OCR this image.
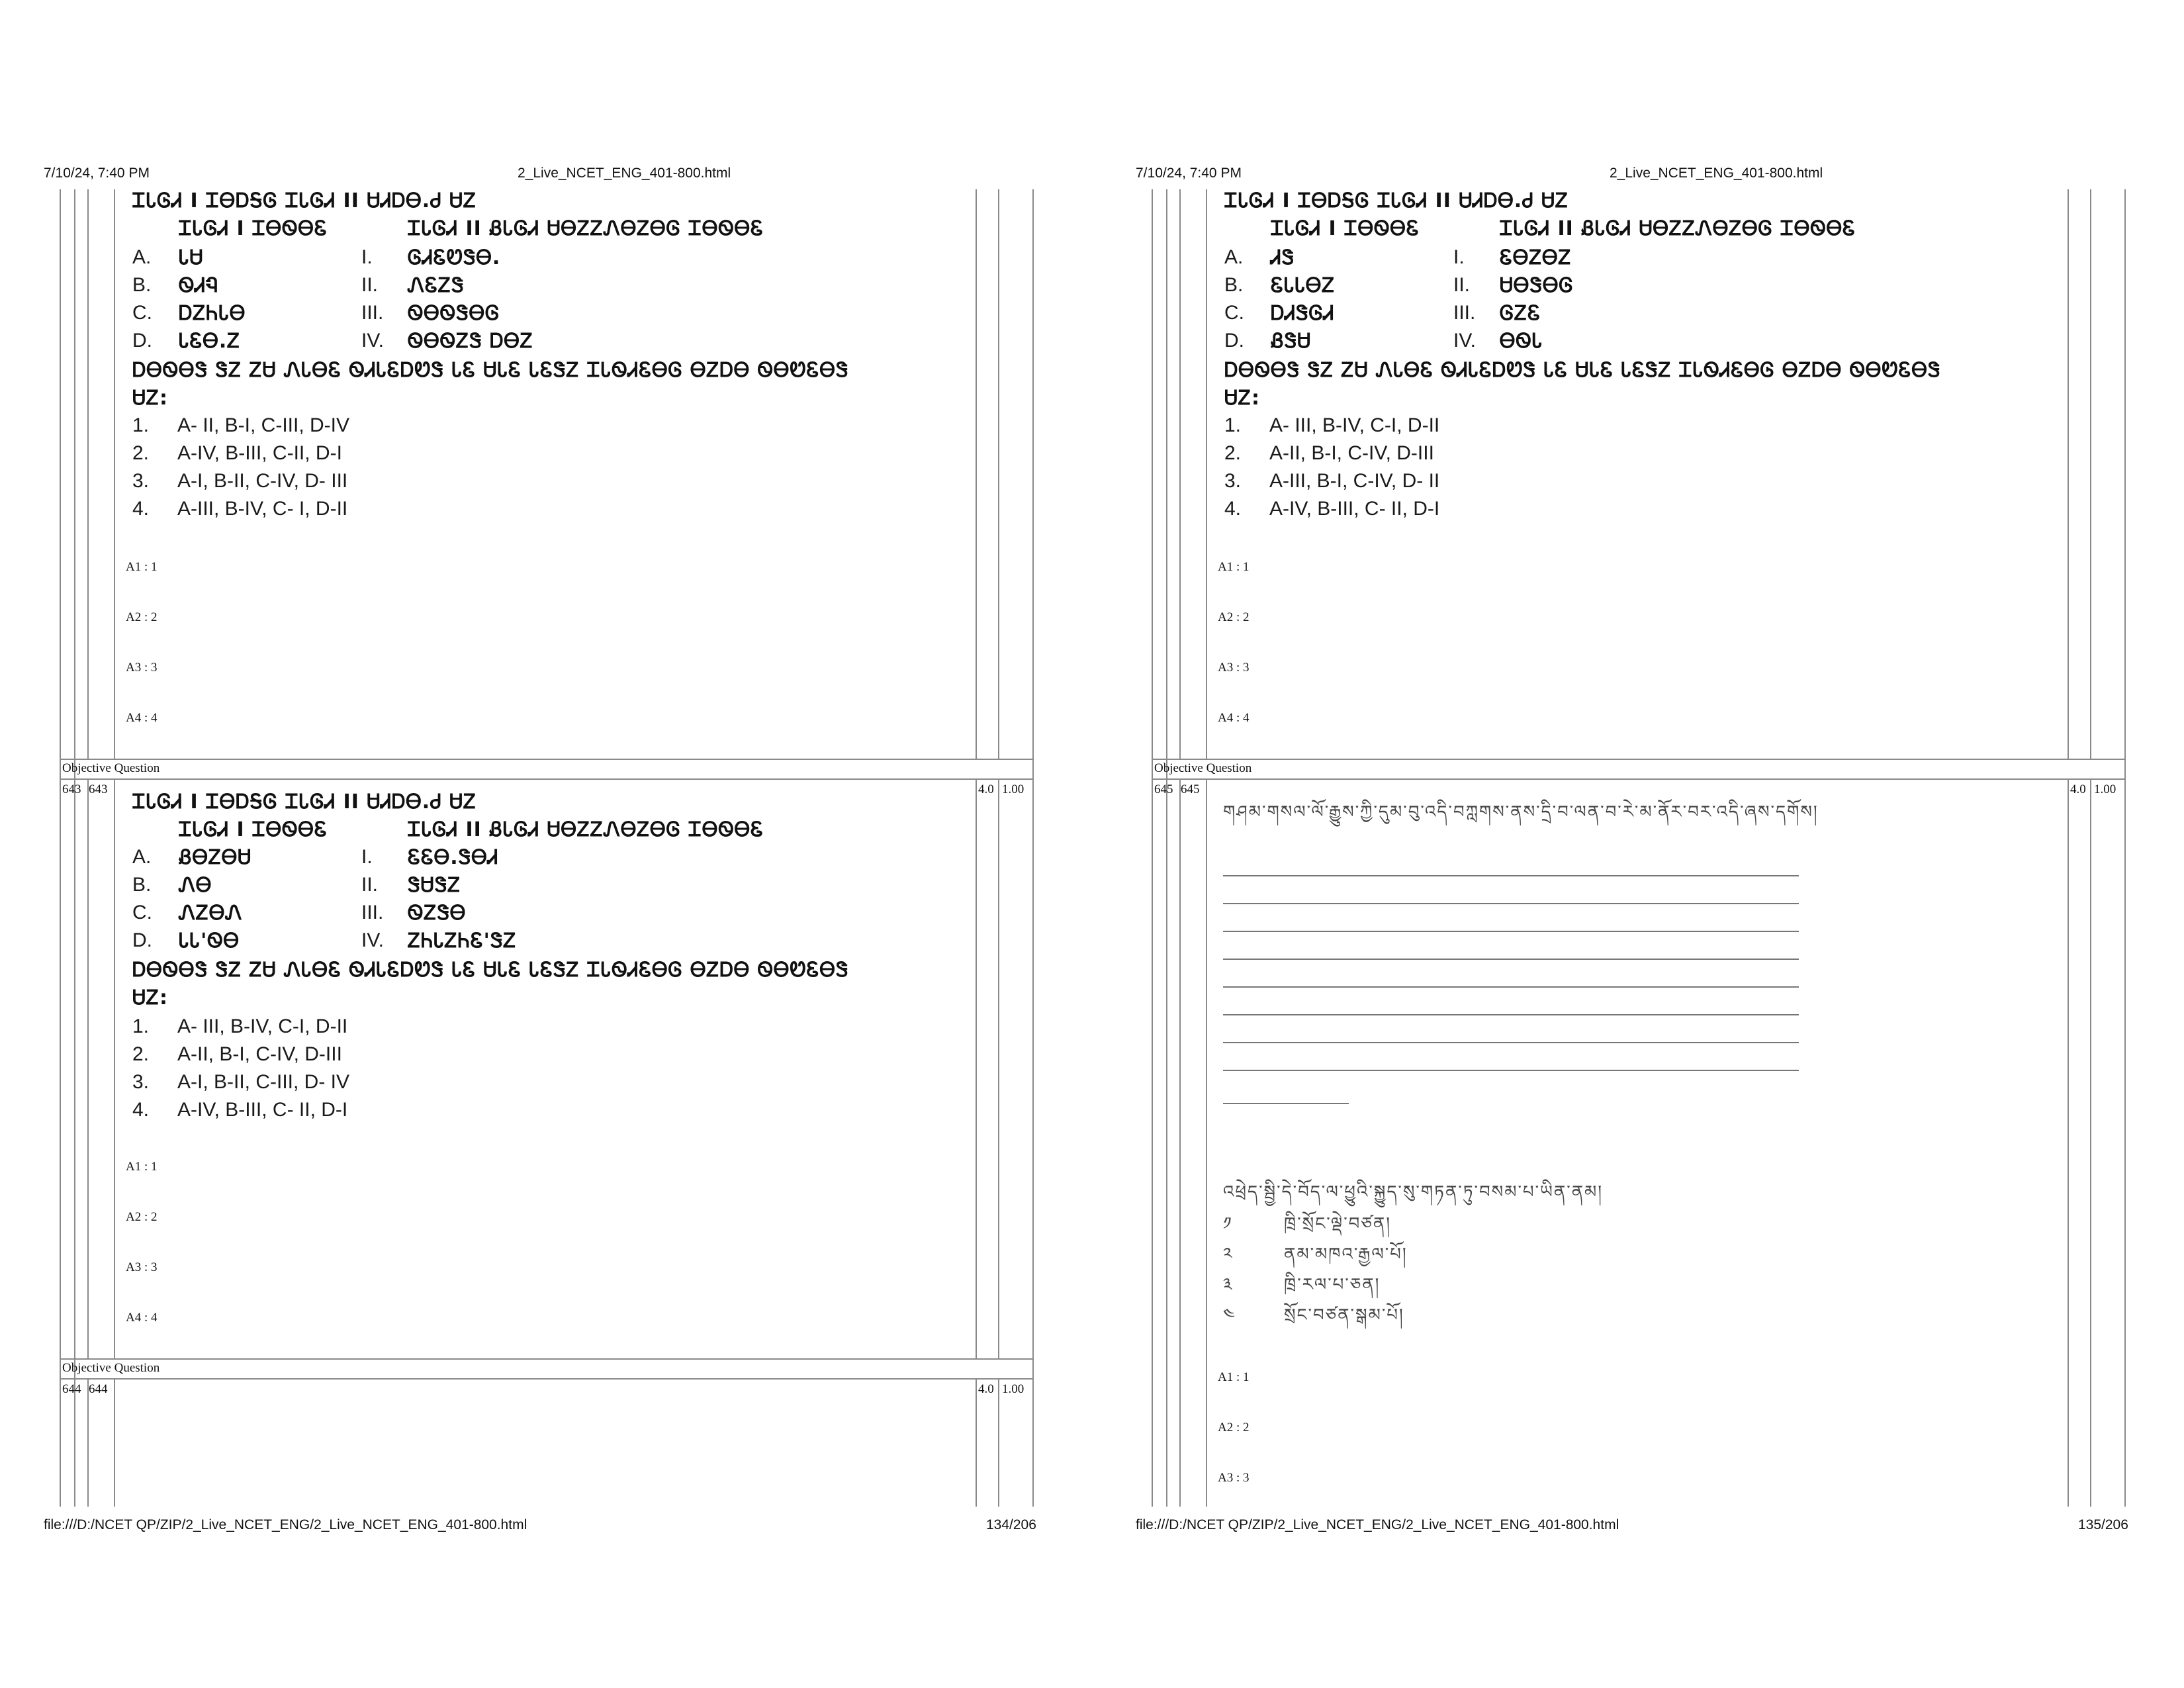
7/10/24, 7:40 PM	2_Live_NCET_ENG_401-800.html
ᏆᏓᎶᏗ I ᏆᎾᎠᎦᎶ ᏆᏓᎶᏗ II ᏌᏗᎠᎾ.Ꮷ ᏌᏃ
ᏆᏓᎶᏗ I ᏆᎾᏫᎾᏋ	ᏆᏓᎶᏗ II ᏰᏓᎶᏗ ᏌᎾᏃᏃᏁᎾᏃᎾᎶ ᏆᎾᏫᎾᏋ
A. ᏓᏌ	I. ᎶᏗᏋᏬᏕᎾ.
B. ᏫᏗᏄ	II. ᏁᏋᏃᏕ
C. ᎠᏃᏂᏓᎾ	III. ᏫᎾᏫᏕᎾᎶ
D. ᏓᏋᎾ.Ꮓ	IV. ᏫᎾᏫᏃᏕ ᎠᎾᏃ
ᎠᎾᏫᎾᏕ ᏕᏃ ᏃᏌ ᏁᏓᎾᏋ ᏫᏗᏓᏋᎠᏬᏕ ᏓᏋ ᏌᏓᏋ ᏓᏋᏕᏃ ᏆᏓᏫᏗᏋᎾᎶ ᎾᏃᎠᎾ ᏫᎾᏬᏋᎾᏕ
ᏌᏃ:
1. A- II, B-I, C-III, D-IV
2. A-IV, B-III, C-II, D-I
3. A-I, B-II, C-IV, D- III
4. A-III, B-IV, C- I, D-II
A1 : 1
A2 : 2
A3 : 3
A4 : 4
Objective Question
643 643	4.0 1.00
ᏆᏓᎶᏗ I ᏆᎾᎠᎦᎶ ᏆᏓᎶᏗ II ᏌᏗᎠᎾ.Ꮷ ᏌᏃ
ᏆᏓᎶᏗ I ᏆᎾᏫᎾᏋ	ᏆᏓᎶᏗ II ᏰᏓᎶᏗ ᏌᎾᏃᏃᏁᎾᏃᎾᎶ ᏆᎾᏫᎾᏋ
A. ᏰᎾᏃᎾᏌ	I. ᏋᏋᎾ.ᏕᎾᏗ
B. ᏁᎾ	II. ᏕᏌᏕᏃ
C. ᏁᏃᎾᏁ	III. ᏫᏃᏕᎾ
D. ᏓᏓ'ᏫᎾ	IV. ᏃᏂᏓᏃᏂᏋ'ᏕᏃ
ᎠᎾᏫᎾᏕ ᏕᏃ ᏃᏌ ᏁᏓᎾᏋ ᏫᏗᏓᏋᎠᏬᏕ ᏓᏋ ᏌᏓᏋ ᏓᏋᏕᏃ ᏆᏓᏫᏗᏋᎾᎶ ᎾᏃᎠᎾ ᏫᎾᏬᏋᎾᏕ
ᏌᏃ:
1. A- III, B-IV, C-I, D-II
2. A-II, B-I, C-IV, D-III
3. A-I, B-II, C-III, D- IV
4. A-IV, B-III, C- II, D-I
A1 : 1
A2 : 2
A3 : 3
A4 : 4
Objective Question
644 644	4.0 1.00
file:///D:/NCET QP/ZIP/2_Live_NCET_ENG/2_Live_NCET_ENG_401-800.html	134/206
7/10/24, 7:40 PM	2_Live_NCET_ENG_401-800.html
ᏆᏓᎶᏗ I ᏆᎾᎠᎦᎶ ᏆᏓᎶᏗ II ᏌᏗᎠᎾ.Ꮷ ᏌᏃ
ᏆᏓᎶᏗ I ᏆᎾᏫᎾᏋ	ᏆᏓᎶᏗ II ᏰᏓᎶᏗ ᏌᎾᏃᏃᏁᎾᏃᎾᎶ ᏆᎾᏫᎾᏋ
A. ᏗᏕ	I. ᏋᎾᏃᎾᏃ
B. ᏋᏓᏓᎾᏃ	II. ᏌᎾᏕᎾᎶ
C. ᎠᏗᏕᎶᏗ	III. ᎶᏃᏋ
D. ᏰᏕᏌ	IV. ᎾᏫᏓ
ᎠᎾᏫᎾᏕ ᏕᏃ ᏃᏌ ᏁᏓᎾᏋ ᏫᏗᏓᏋᎠᏬᏕ ᏓᏋ ᏌᏓᏋ ᏓᏋᏕᏃ ᏆᏓᏫᏗᏋᎾᎶ ᎾᏃᎠᎾ ᏫᎾᏬᏋᎾᏕ
ᏌᏃ:
1. A- III, B-IV, C-I, D-II
2. A-II, B-I, C-IV, D-III
3. A-III, B-I, C-IV, D- II
4. A-IV, B-III, C- II, D-I
A1 : 1
A2 : 2
A3 : 3
A4 : 4
Objective Question
645 645	4.0 1.00
གཤམ་གསལ་ལོ་རྒྱུས་ཀྱི་དུམ་བུ་འདི་བཀླགས་ནས་དྲི་བ་ལན་བ་རེ་མ་ནོར་བར་འདི་ཞས་དགོས།

འཕྲེད་སྦྱི་དེ་བོད་ལ་ཕྱུའི་སྐྱུད་སུ་གཏན་ཏུ་བསམ་པ་ཡིན་ནམ།
༡	ཁྲི་སྲོང་ལྡེ་བཙན།
༢	ནམ་མཁའ་རྒྱལ་པོ།
༣	ཁྲི་རལ་པ་ཅན།
༤	སྲོང་བཙན་སྒམ་པོ།
A1 : 1
A2 : 2
A3 : 3
file:///D:/NCET QP/ZIP/2_Live_NCET_ENG/2_Live_NCET_ENG_401-800.html	135/206
